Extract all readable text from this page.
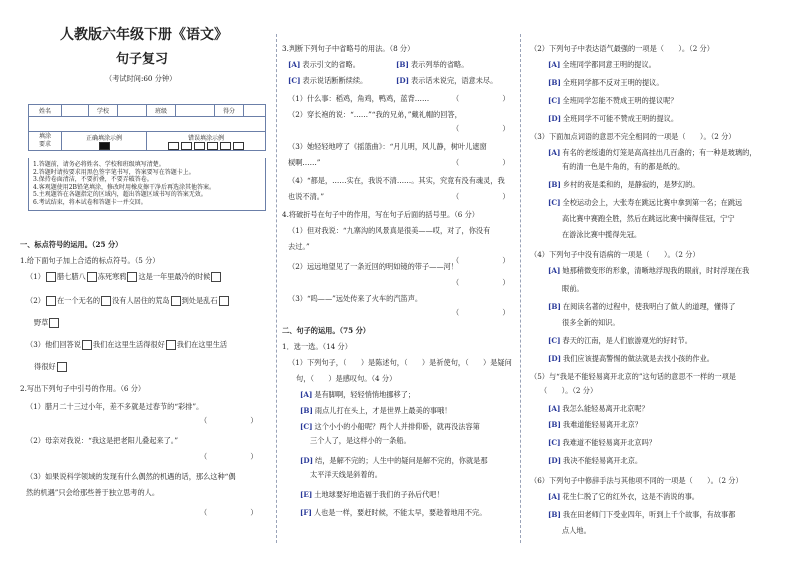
人教版六年级下册《语文》
句子复习
（考试时间:60 分钟）
姓名		学校		班级		得分	

填涂
要求	正确填涂示例			错误填涂示例			

1.答题前，请务必将姓名、学校和班级填写清楚。
2.答题时请按要求用黑色签字笔书写，答案要写在答题卡上。
3.保持卷面清洁，不要折叠，不要弄破答卷。
4.客观题使用2B铅笔填涂，修改时用橡皮擦干净后再选涂其他答案。
5.主观题答在各题指定的区域内，超出答题区域书写的答案无效。
6.考试结束，将本试卷和答题卡一并交回。
一、标点符号的运用。（25 分）
1.给下面句子加上合适的标点符号。（5 分）
（1） 腊七腊八 冻死寒鸦 这是一年里最冷的时候
（2） 在一个无名的 没有人居住的荒岛 到处是乱石
野草
（3）他们回答说 我们在这里生活得很好 我们在这里生活
得很好
2.写出下列句子中引号的作用。（6 分）
（1）腊月二十三过小年，差不多就是过春节的“彩排”。
（　　　　　　）
（2）母亲对我说：“我这是把老阳儿叠起来了。”
（　　　　　　）
（3）如果说科学领域的发现有什么偶然的机遇的话，那么这种“偶
然的机遇”只会给那些善于独立思考的人。
（　　　　　　）
3.判断下列句子中省略号的用法。（8 分）
[A] 表示引文的省略。	[B] 表示列举的省略。
[C] 表示说话断断续续。	[D] 表示话未说完，语意未尽。
（1）什么事：稻鸡，角鸡，鸭鸡，蓝背……	（　　　　　　）
（2）穿长袍的说：“……”“我的兄弟，”戴礼帽的回答，
（　　　　　　）
（3）她轻轻地哼了《摇篮曲》：“月儿明，风儿静，树叶儿遮窗
棂啊……”	（　　　　　　）
（4）“都是，……实在，我说不清……。其实，究竟有没有魂灵，我
也说不清。”	（　　　　　　）
4.将破折号在句子中的作用，写在句子后面的括号里。（6 分）
（1）但对我说：“九寨沟的风景真是很美——哎，对了，你没有
去过。”
（　　　　　　）
（2）远远地望见了一条近回的明如镜的带子——河！
（　　　　　　）
（3）“呜——”远处传来了火车的汽笛声。
（　　　　　　）
二、句子的运用。（75 分）
1．选一选。（14 分）
（1）下列句子，（　　）是陈述句，（　　）是祈使句，（　　）是疑问
句，（　　）是感叹句。（4 分）
[A] 是有脚啊，轻轻悄悄地挪移了；
[B] 雨点儿打在头上，才是世界上最美的事哦！
[C] 这个小小的小船呢？两个人并排仰卧，就再没法容第
三个人了，是这样小的一条船。
[D] 结，是解不完的；人生中的疑问是解不完的，你就是那
太平洋天线是斜着的。
[E] 土地球要好地造福于我们的子孙后代吧！
[F] 人也是一样，要赶时候，不能太早，要趁着地用不完。
（2）下列句子中表达语气最强的一项是（　　）。（2 分）
[A] 全班同学都同意王明的提议。
[B] 全班同学都不反对王明的提议。
[C] 全班同学怎能不赞成王明的提议呢？
[D] 全班同学不可能不赞成王明的提议。
（3）下面加点词语的意思不完全相同的一项是（　　）。（2 分）
[A] 有名的老绥遗的灯笼是高高挂出几百盏的；有一种是玻璃的，
有的清一色是牛角的，有的都是纸的。
[B] 乡村的夜是柔和的，是静寂的，是梦幻的。
[C] 全校运动会上，大张寿在跳远比赛中拿到第一名；在跳远
高比赛中赛跑全胜，然后在跳远比赛中摘得佳冠，宁宁
在游泳比赛中揽得先冠。
（4）下列句子中没有语病的一项是（　　）。（2 分）
[A] 她那稍微变形的形象，清晰地浮现我的眼前，时时浮现在我
眼前。
[B] 在阅读名著的过程中，使我明白了做人的道理，懂得了
很多全新的知识。
[C] 春天的江南，是人们旅游观光的好时节。
[D] 我们应该提高警惕的做法就是去找小孩的作业。
（5）与“我是不能轻易离开北京的”这句话的意思不一样的一项是
（　　）。（2 分）
[A] 我怎么能轻易离开北京呢？
[B] 我难道能轻易离开北京？
[C] 我难道不能轻易离开北京吗？
[D] 我决不能轻易离开北京。
（6）下列句子中修辞手法与其他项不同的一项是（　　）。（2 分）
[A] 花生仁脱了它的红外衣，这是不消说的事。
[B] 我在田老师门下受业四年，听到上千个故事，有故事都
点人地。
